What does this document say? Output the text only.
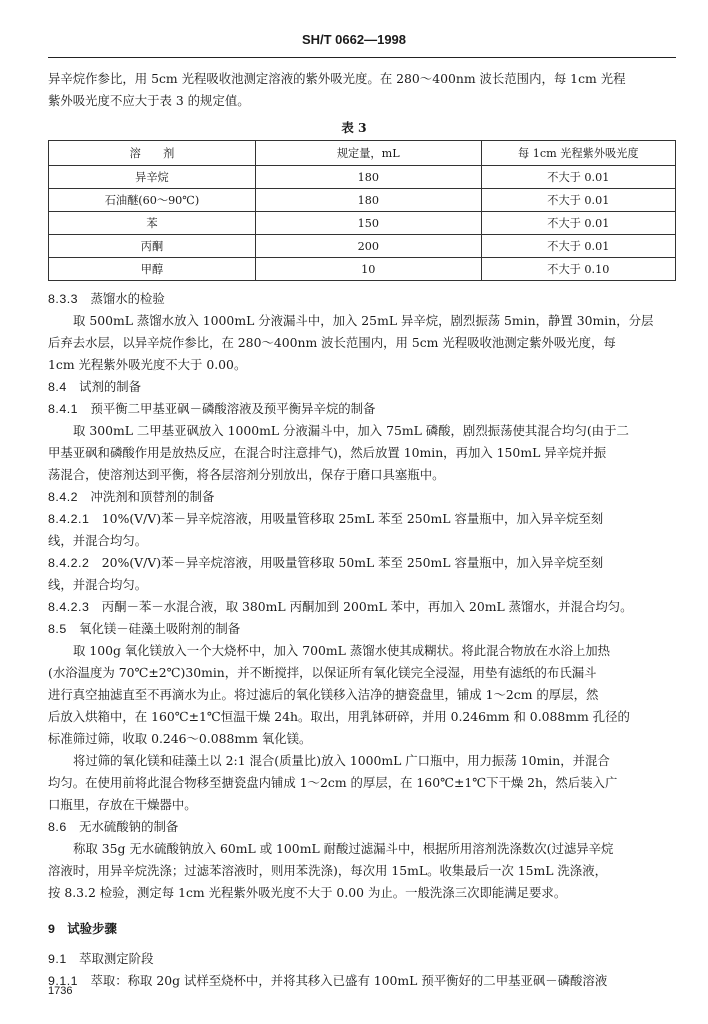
SH/T 0662—1998
异辛烷作参比，用 5cm 光程吸收池测定溶液的紫外吸光度。在 280～400nm 波长范围内，每 1cm 光程
紫外吸光度不应大于表 3 的规定值。
表 3
溶　　剂	规定量，mL	每 1cm 光程紫外吸光度
异辛烷	180	不大于 0.01
石油醚(60～90℃)	180	不大于 0.01
苯	150	不大于 0.01
丙酮	200	不大于 0.01
甲醇	10	不大于 0.10
8.3.3　 蒸馏水的检验
取 500mL 蒸馏水放入 1000mL 分液漏斗中，加入 25mL 异辛烷，剧烈振荡 5min，静置 30min，分层
后弃去水层，以异辛烷作参比，在 280～400nm 波长范围内，用 5cm 光程吸收池测定紫外吸光度，每
1cm 光程紫外吸光度不大于 0.00。
8.4　 试剂的制备
8.4.1　 预平衡二甲基亚砜－磷酸溶液及预平衡异辛烷的制备
取 300mL 二甲基亚砜放入 1000mL 分液漏斗中，加入 75mL 磷酸，剧烈振荡使其混合均匀(由于二
甲基亚砜和磷酸作用是放热反应，在混合时注意排气)，然后放置 10min，再加入 150mL 异辛烷并振
荡混合，使溶剂达到平衡，将各层溶剂分别放出，保存于磨口具塞瓶中。
8.4.2　 冲洗剂和顶替剂的制备
8.4.2.1　 10%(V/V)苯－异辛烷溶液，用吸量管移取 25mL 苯至 250mL 容量瓶中，加入异辛烷至刻
线，并混合均匀。
8.4.2.2　 20%(V/V)苯－异辛烷溶液，用吸量管移取 50mL 苯至 250mL 容量瓶中，加入异辛烷至刻
线，并混合均匀。
8.4.2.3　 丙酮－苯－水混合液，取 380mL 丙酮加到 200mL 苯中，再加入 20mL 蒸馏水，并混合均匀。
8.5　 氧化镁－硅藻土吸附剂的制备
取 100g 氧化镁放入一个大烧杯中，加入 700mL 蒸馏水使其成糊状。将此混合物放在水浴上加热
(水浴温度为 70℃±2℃)30min，并不断搅拌，以保证所有氧化镁完全浸湿，用垫有滤纸的布氏漏斗
进行真空抽滤直至不再滴水为止。将过滤后的氧化镁移入洁净的搪瓷盘里，铺成 1～2cm 的厚层，然
后放入烘箱中，在 160℃±1℃恒温干燥 24h。取出，用乳钵研碎，并用 0.246mm 和 0.088mm 孔径的
标准筛过筛，收取 0.246～0.088mm 氧化镁。
将过筛的氧化镁和硅藻土以 2:1 混合(质量比)放入 1000mL 广口瓶中，用力振荡 10min，并混合
均匀。在使用前将此混合物移至搪瓷盘内铺成 1～2cm 的厚层，在 160℃±1℃下干燥 2h，然后装入广
口瓶里，存放在干燥器中。
8.6　 无水硫酸钠的制备
称取 35g 无水硫酸钠放入 60mL 或 100mL 耐酸过滤漏斗中，根据所用溶剂洗涤数次(过滤异辛烷
溶液时，用异辛烷洗涤；过滤苯溶液时，则用苯洗涤)，每次用 15mL。收集最后一次 15mL 洗涤液，
按 8.3.2 检验，测定每 1cm 光程紫外吸光度不大于 0.00 为止。一般洗涤三次即能满足要求。
9　 试验步骤
9.1　 萃取测定阶段
9.1.1　 萃取：称取 20g 试样至烧杯中，并将其移入已盛有 100mL 预平衡好的二甲基亚砜－磷酸溶液
1736
